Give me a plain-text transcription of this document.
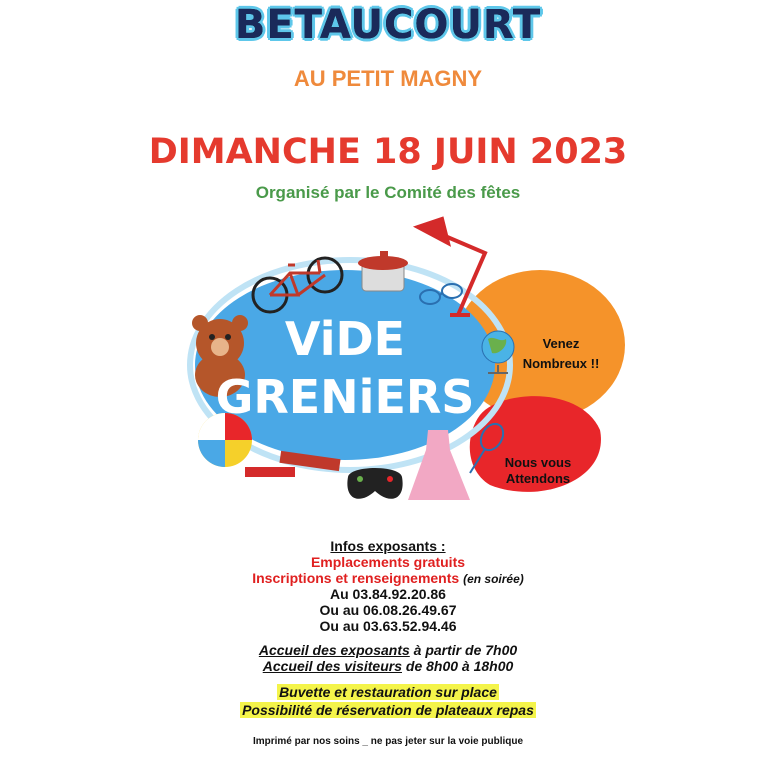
BETAUCOURT
AU PETIT MAGNY
DIMANCHE 18 JUIN 2023
Organisé par le Comité des fêtes
ViDE
GRENiERS
Venez
Nombreux !!
Nous vous
Attendons
Infos exposants :
Emplacements gratuits
Inscriptions et renseignements (en soirée)
Au 03.84.92.20.86
Ou au 06.08.26.49.67
Ou au 03.63.52.94.46
Accueil des exposants à partir de 7h00
Accueil des visiteurs de 8h00 à 18h00
Buvette et restauration sur place
Possibilité de réservation de plateaux repas
Imprimé par nos soins _ ne pas jeter sur la voie publique
